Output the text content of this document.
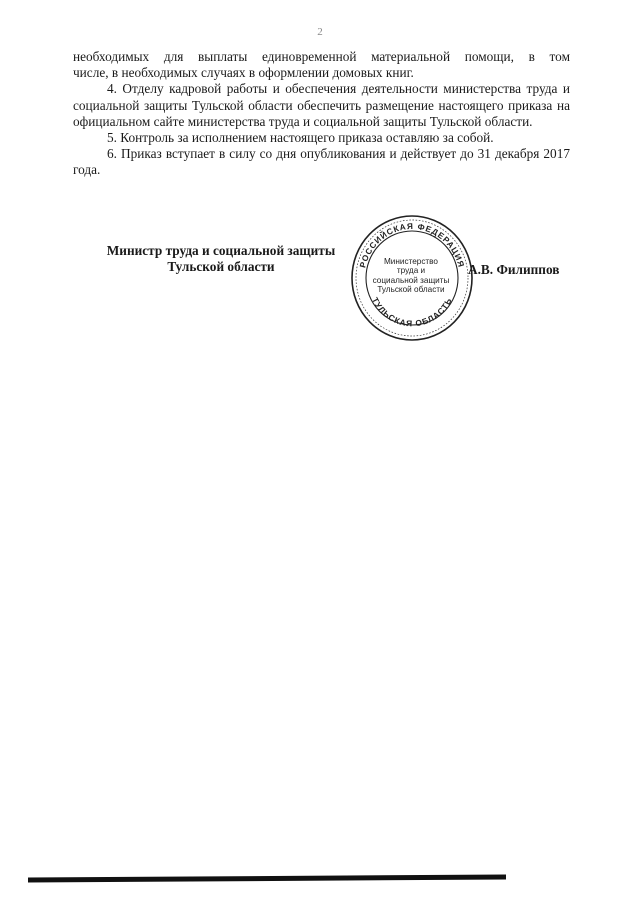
2

необходимых для выплаты единовременной материальной помощи, в том

числе, в необходимых случаях в оформлении домовых книг.

4. Отделу кадровой работы и обеспечения деятельности министерства труда и социальной защиты Тульской области обеспечить размещение настоящего приказа на официальном сайте министерства труда и социальной защиты Тульской области.

5. Контроль за исполнением настоящего приказа оставляю за собой.

6. Приказ вступает в силу со дня опубликования и действует до 31 декабря 2017 года.

Министр труда и социальной защиты
Тульской области	РОССИЙСКАЯ ФЕДЕРАЦИЯ
ТУЛЬСКАЯ ОБЛАСТЬ
Министерство
труда и
социальной защиты
Тульской области
А.В. Филиппов
